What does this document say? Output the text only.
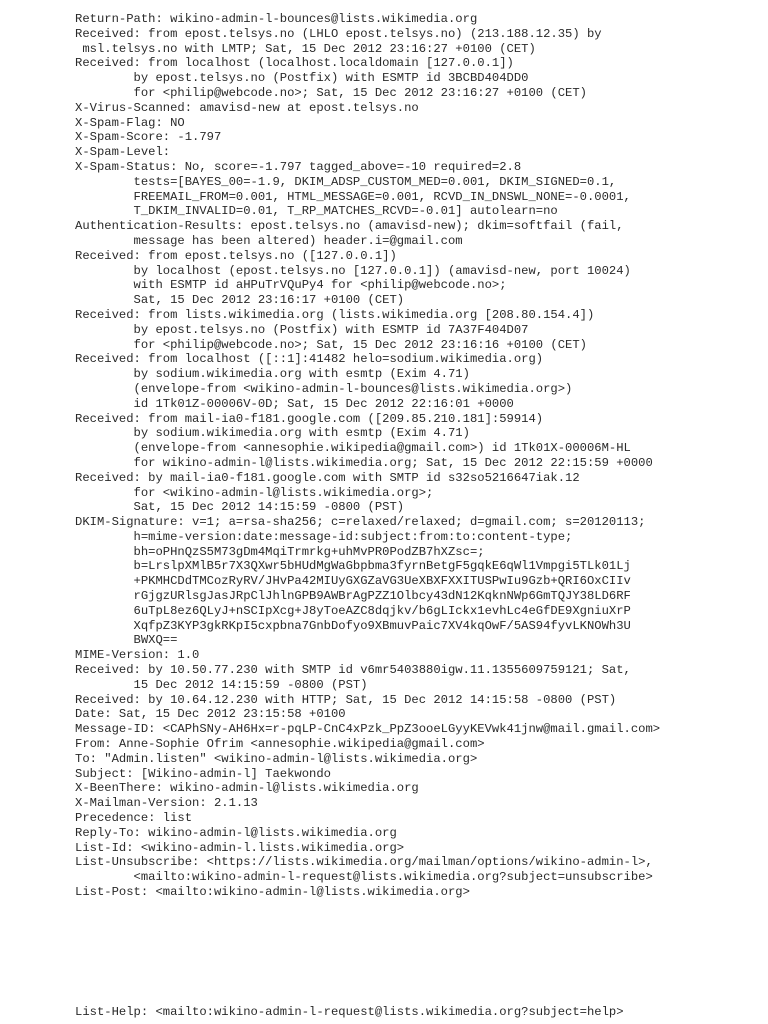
Return-Path: wikino-admin-l-bounces@lists.wikimedia.org
Received: from epost.telsys.no (LHLO epost.telsys.no) (213.188.12.35) by
msl.telsys.no with LMTP; Sat, 15 Dec 2012 23:16:27 +0100 (CET)
Received: from localhost (localhost.localdomain [127.0.0.1])
by epost.telsys.no (Postfix) with ESMTP id 3BCBD404DD0
for <philip@webcode.no>; Sat, 15 Dec 2012 23:16:27 +0100 (CET)
X-Virus-Scanned: amavisd-new at epost.telsys.no
X-Spam-Flag: NO
X-Spam-Score: -1.797
X-Spam-Level:
X-Spam-Status: No, score=-1.797 tagged_above=-10 required=2.8
tests=[BAYES_00=-1.9, DKIM_ADSP_CUSTOM_MED=0.001, DKIM_SIGNED=0.1,
FREEMAIL_FROM=0.001, HTML_MESSAGE=0.001, RCVD_IN_DNSWL_NONE=-0.0001,
T_DKIM_INVALID=0.01, T_RP_MATCHES_RCVD=-0.01] autolearn=no
Authentication-Results: epost.telsys.no (amavisd-new); dkim=softfail (fail,
message has been altered) header.i=@gmail.com
Received: from epost.telsys.no ([127.0.0.1])
by localhost (epost.telsys.no [127.0.0.1]) (amavisd-new, port 10024)
with ESMTP id aHPuTrVQuPy4 for <philip@webcode.no>;
Sat, 15 Dec 2012 23:16:17 +0100 (CET)
Received: from lists.wikimedia.org (lists.wikimedia.org [208.80.154.4])
by epost.telsys.no (Postfix) with ESMTP id 7A37F404D07
for <philip@webcode.no>; Sat, 15 Dec 2012 23:16:16 +0100 (CET)
Received: from localhost ([::1]:41482 helo=sodium.wikimedia.org)
by sodium.wikimedia.org with esmtp (Exim 4.71)
(envelope-from <wikino-admin-l-bounces@lists.wikimedia.org>)
id 1Tk01Z-00006V-0D; Sat, 15 Dec 2012 22:16:01 +0000
Received: from mail-ia0-f181.google.com ([209.85.210.181]:59914)
by sodium.wikimedia.org with esmtp (Exim 4.71)
(envelope-from <annesophie.wikipedia@gmail.com>) id 1Tk01X-00006M-HL
for wikino-admin-l@lists.wikimedia.org; Sat, 15 Dec 2012 22:15:59 +0000
Received: by mail-ia0-f181.google.com with SMTP id s32so5216647iak.12
for <wikino-admin-l@lists.wikimedia.org>;
Sat, 15 Dec 2012 14:15:59 -0800 (PST)
DKIM-Signature: v=1; a=rsa-sha256; c=relaxed/relaxed; d=gmail.com; s=20120113;
h=mime-version:date:message-id:subject:from:to:content-type;
bh=oPHnQzS5M73gDm4MqiTrmrkg+uhMvPR0PodZB7hXZsc=;
b=LrslpXMlB5r7X3QXwr5bHUdMgWaGbpbma3fyrnBetgF5gqkE6qWl1Vmpgi5TLk01Lj
+PKMHCDdTMCozRyRV/JHvPa42MIUyGXGZaVG3UeXBXFXXITUSPwIu9Gzb+QRI6OxCIIv
rGjgzURlsgJasJRpClJhlnGPB9AWBrAgPZZ1Olbcy43dN12KqknNWp6GmTQJY38LD6RF
6uTpL8ez6QLyJ+nSCIpXcg+J8yToeAZC8dqjkv/b6gLIckx1evhLc4eGfDE9XgniuXrP
XqfpZ3KYP3gkRKpI5cxpbna7GnbDofyo9XBmuvPaic7XV4kqOwF/5AS94fyvLKNOWh3U
BWXQ==
MIME-Version: 1.0
Received: by 10.50.77.230 with SMTP id v6mr5403880igw.11.1355609759121; Sat,
15 Dec 2012 14:15:59 -0800 (PST)
Received: by 10.64.12.230 with HTTP; Sat, 15 Dec 2012 14:15:58 -0800 (PST)
Date: Sat, 15 Dec 2012 23:15:58 +0100
Message-ID: <CAPhSNy-AH6Hx=r-pqLP-CnC4xPzk_PpZ3ooeLGyyKEVwk41jnw@mail.gmail.com>
From: Anne-Sophie Ofrim <annesophie.wikipedia@gmail.com>
To: "Admin.listen" <wikino-admin-l@lists.wikimedia.org>
Subject: [Wikino-admin-l] Taekwondo
X-BeenThere: wikino-admin-l@lists.wikimedia.org
X-Mailman-Version: 2.1.13
Precedence: list
Reply-To: wikino-admin-l@lists.wikimedia.org
List-Id: <wikino-admin-l.lists.wikimedia.org>
List-Unsubscribe: <https://lists.wikimedia.org/mailman/options/wikino-admin-l>,
<mailto:wikino-admin-l-request@lists.wikimedia.org?subject=unsubscribe>
List-Post: <mailto:wikino-admin-l@lists.wikimedia.org>
List-Help: <mailto:wikino-admin-l-request@lists.wikimedia.org?subject=help>
